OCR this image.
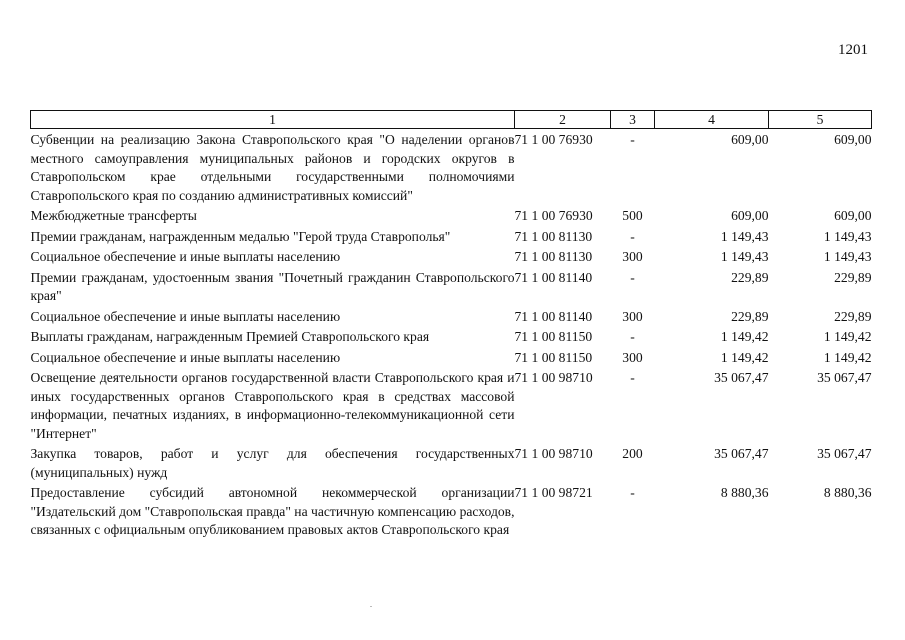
1201
1	2	3	4	5
Субвенции на реализацию Закона Ставропольского края "О наделении органов местного самоуправления муниципальных районов и городских округов в Ставропольском крае отдельными государственными полномочиями Ставропольского края по созданию административных комиссий"	71 1 00 76930	-	609,00	609,00
Межбюджетные трансферты	71 1 00 76930	500	609,00	609,00
Премии гражданам, награжденным медалью "Герой труда Ставрополья"	71 1 00 81130	-	1 149,43	1 149,43
Социальное обеспечение и иные выплаты населению	71 1 00 81130	300	1 149,43	1 149,43
Премии гражданам, удостоенным звания "Почетный гражданин Ставропольского края"	71 1 00 81140	-	229,89	229,89
Социальное обеспечение и иные выплаты населению	71 1 00 81140	300	229,89	229,89
Выплаты гражданам, награжденным Премией Ставропольского края	71 1 00 81150	-	1 149,42	1 149,42
Социальное обеспечение и иные выплаты населению	71 1 00 81150	300	1 149,42	1 149,42
Освещение деятельности органов государственной власти Ставропольского края и иных государственных органов Ставропольского края в средствах массовой информации, печатных изданиях, в информационно-телекоммуникационной сети "Интернет"	71 1 00 98710	-	35 067,47	35 067,47
Закупка товаров, работ и услуг для обеспечения государственных (муниципальных) нужд	71 1 00 98710	200	35 067,47	35 067,47
Предоставление субсидий автономной некоммерческой организации "Издательский дом "Ставропольская правда" на частичную компенсацию расходов, связанных с официальным опубликованием правовых актов Ставропольского края	71 1 00 98721	-	8 880,36	8 880,36
